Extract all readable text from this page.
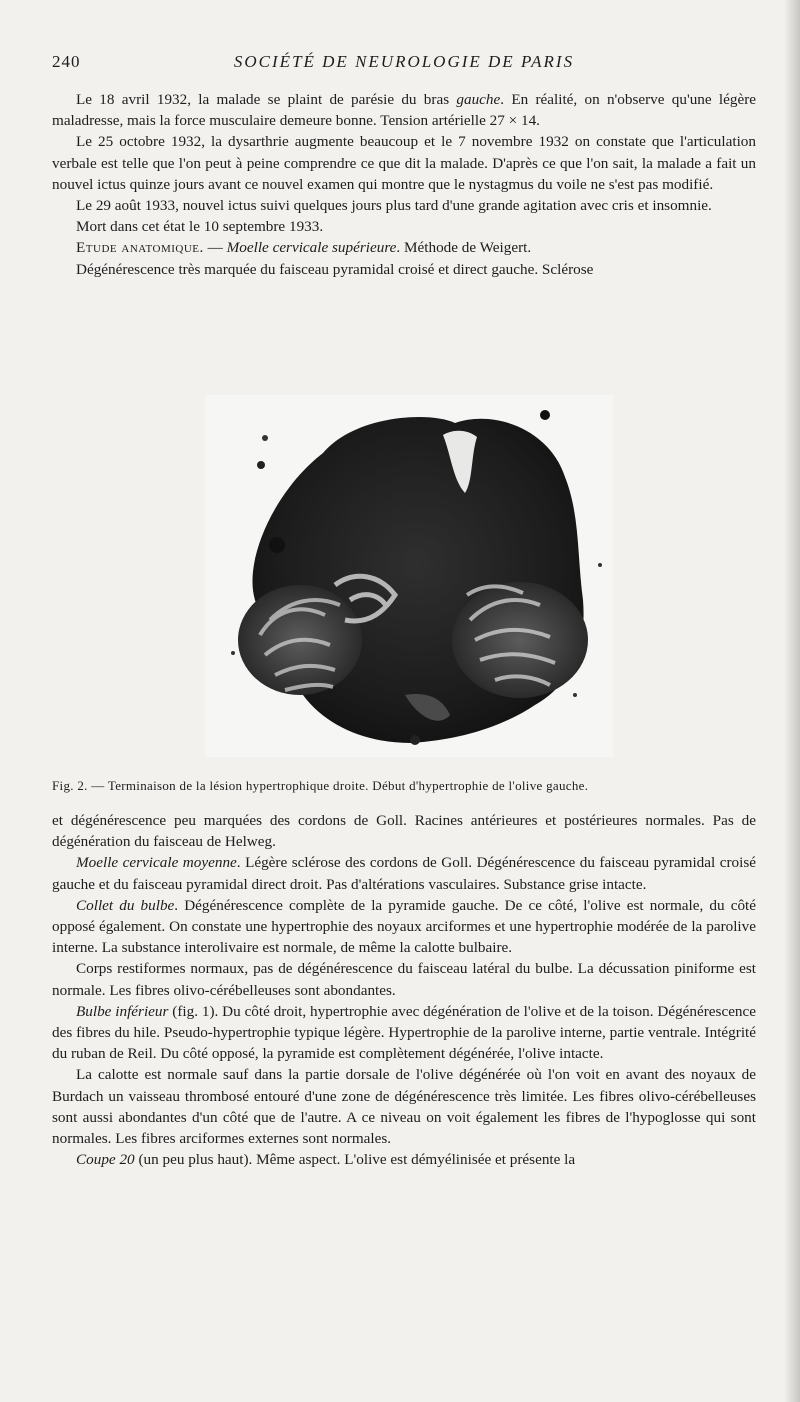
240	SOCIÉTÉ DE NEUROLOGIE DE PARIS

Le 18 avril 1932, la malade se plaint de parésie du bras gauche. En réalité, on n'observe qu'une légère maladresse, mais la force musculaire demeure bonne. Tension artérielle 27 × 14.

Le 25 octobre 1932, la dysarthrie augmente beaucoup et le 7 novembre 1932 on constate que l'articulation verbale est telle que l'on peut à peine comprendre ce que dit la malade. D'après ce que l'on sait, la malade a fait un nouvel ictus quinze jours avant ce nouvel examen qui montre que le nystagmus du voile ne s'est pas modifié.

Le 29 août 1933, nouvel ictus suivi quelques jours plus tard d'une grande agitation avec cris et insomnie.

Mort dans cet état le 10 septembre 1933.

Etude anatomique. — Moelle cervicale supérieure. Méthode de Weigert.

Dégénérescence très marquée du faisceau pyramidal croisé et direct gauche. Sclérose

Fig. 2. — Terminaison de la lésion hypertrophique droite. Début d'hypertrophie de l'olive gauche.

et dégénérescence peu marquées des cordons de Goll. Racines antérieures et postérieures normales. Pas de dégénération du faisceau de Helweg.

Moelle cervicale moyenne. Légère sclérose des cordons de Goll. Dégénérescence du faisceau pyramidal croisé gauche et du faisceau pyramidal direct droit. Pas d'altérations vasculaires. Substance grise intacte.

Collet du bulbe. Dégénérescence complète de la pyramide gauche. De ce côté, l'olive est normale, du côté opposé également. On constate une hypertrophie des noyaux arciformes et une hypertrophie modérée de la parolive interne. La substance interolivaire est normale, de même la calotte bulbaire.

Corps restiformes normaux, pas de dégénérescence du faisceau latéral du bulbe. La décussation piniforme est normale. Les fibres olivo-cérébelleuses sont abondantes.

Bulbe inférieur (fig. 1). Du côté droit, hypertrophie avec dégénération de l'olive et de la toison. Dégénérescence des fibres du hile. Pseudo-hypertrophie typique légère. Hypertrophie de la parolive interne, partie ventrale. Intégrité du ruban de Reil. Du côté opposé, la pyramide est complètement dégénérée, l'olive intacte.

La calotte est normale sauf dans la partie dorsale de l'olive dégénérée où l'on voit en avant des noyaux de Burdach un vaisseau thrombosé entouré d'une zone de dégénérescence très limitée. Les fibres olivo-cérébelleuses sont aussi abondantes d'un côté que de l'autre. A ce niveau on voit également les fibres de l'hypoglosse qui sont normales. Les fibres arciformes externes sont normales.

Coupe 20 (un peu plus haut). Même aspect. L'olive est démyélinisée et présente la
